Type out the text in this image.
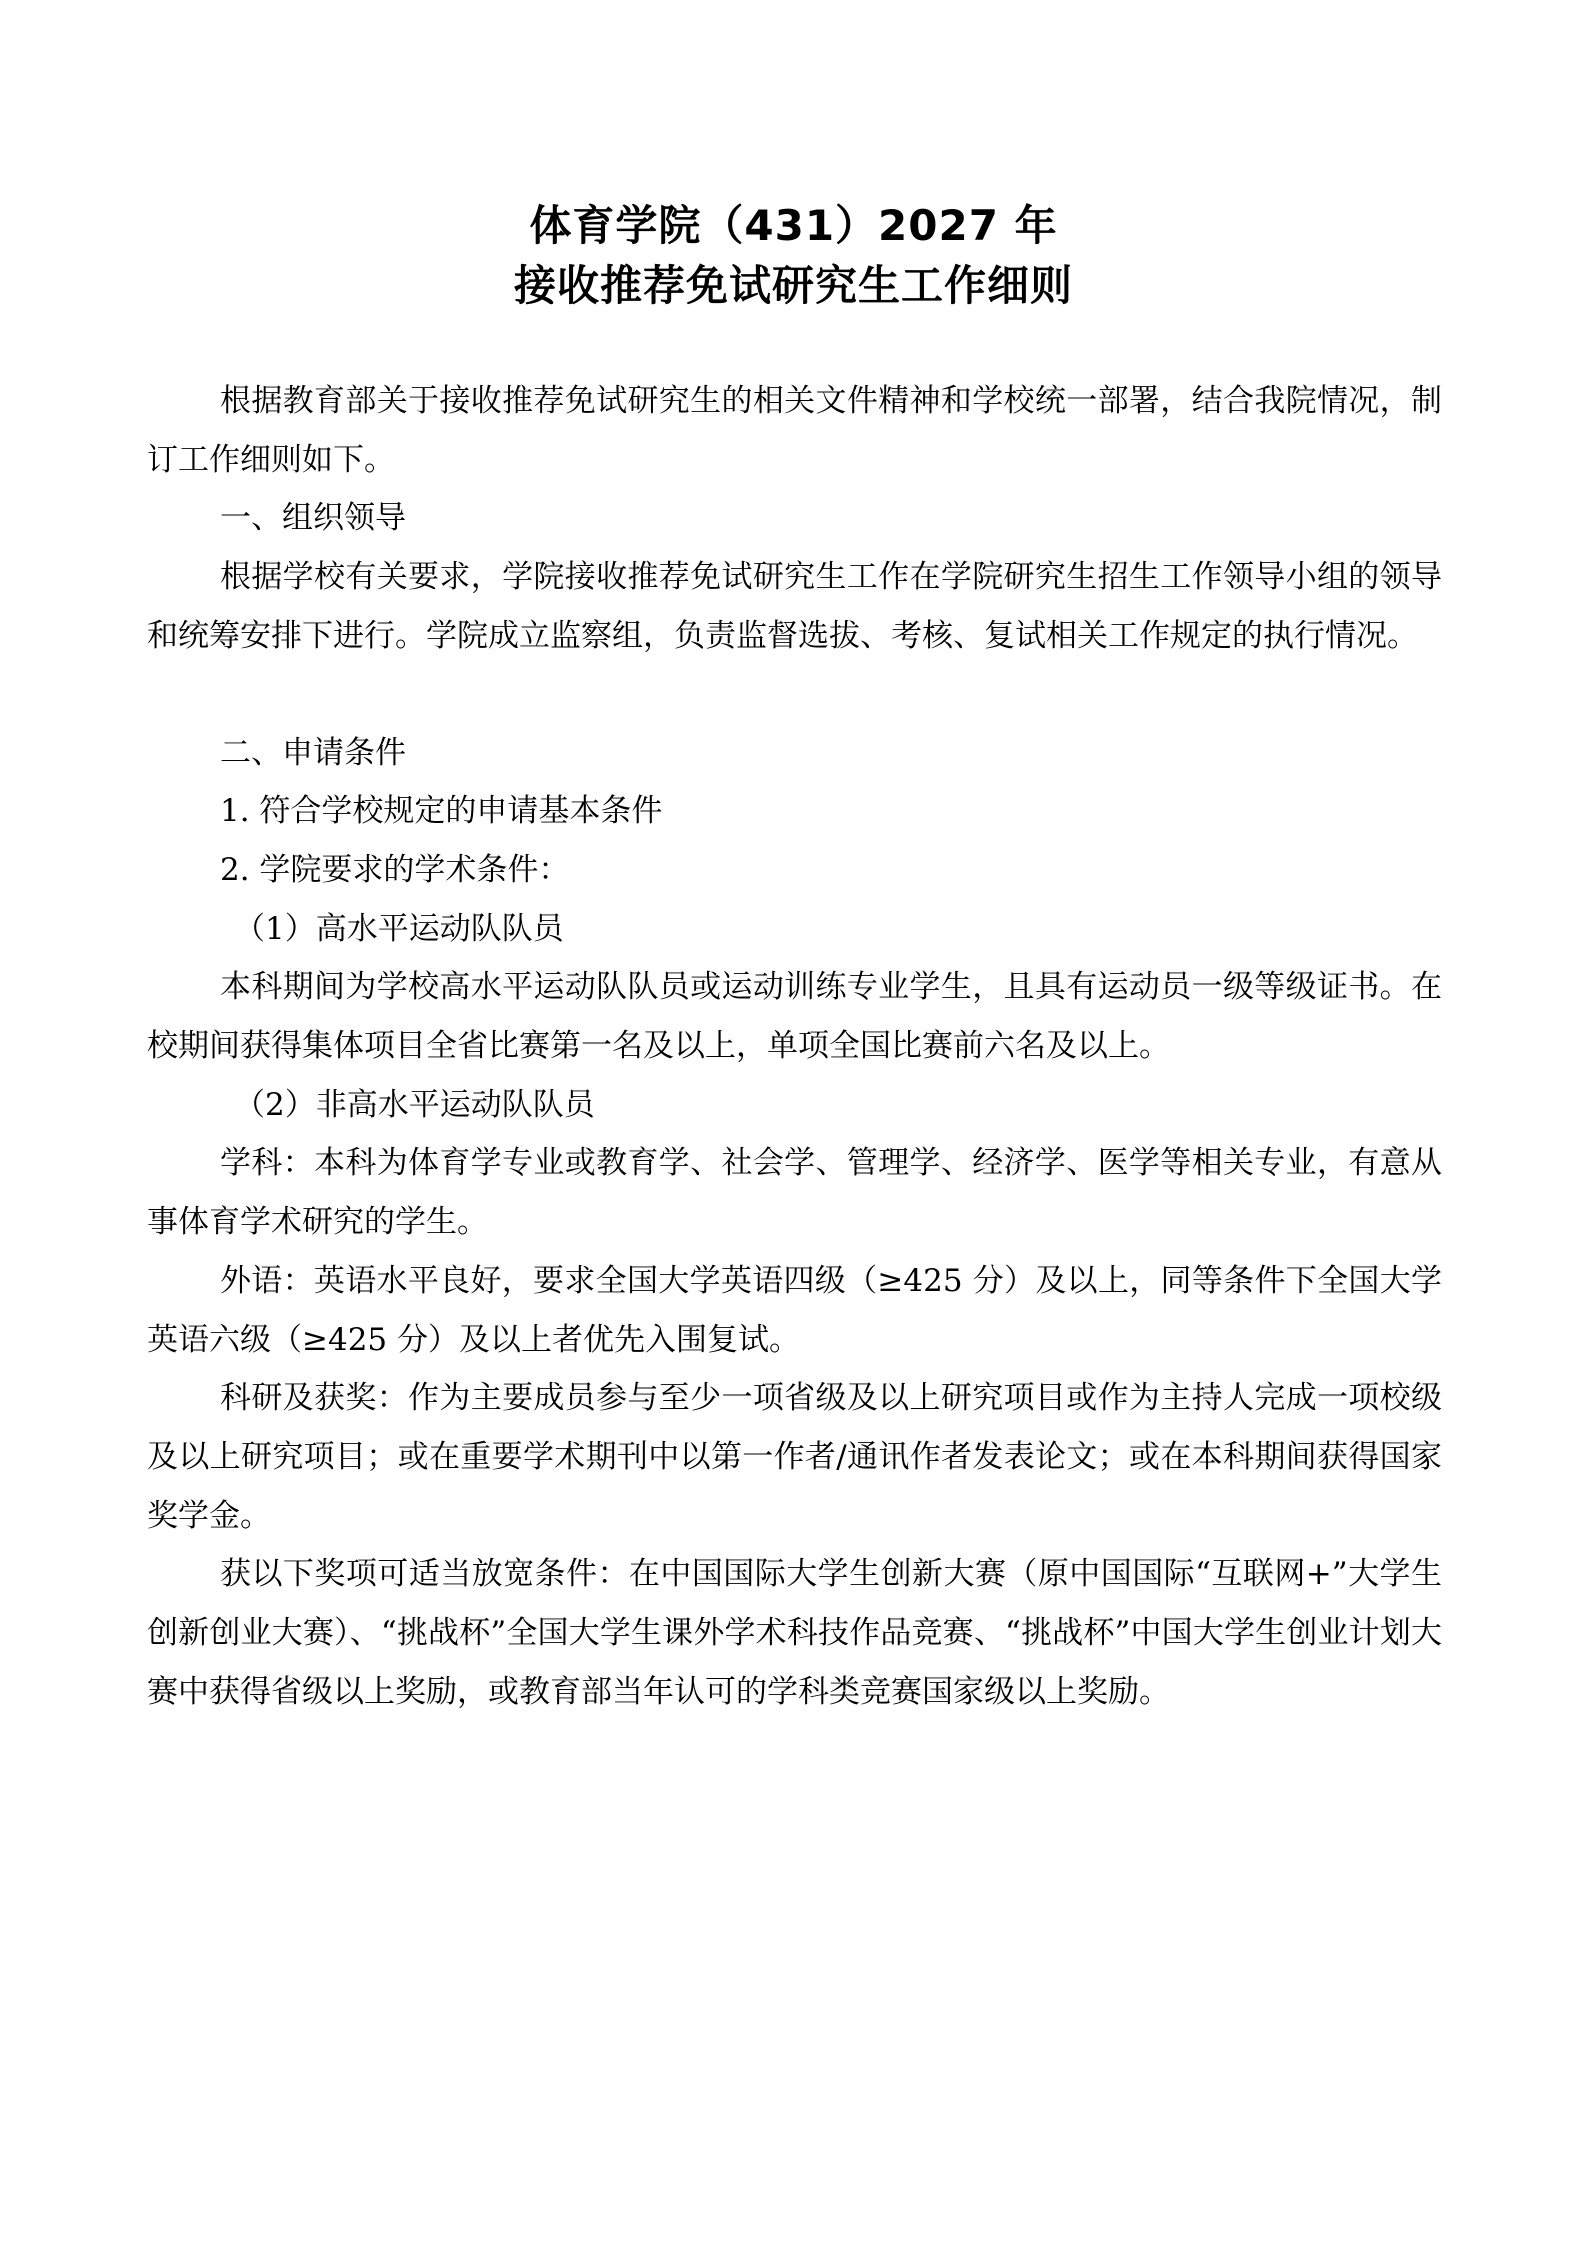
体育学院（431）2027 年
接收推荐免试研究生工作细则

根据教育部关于接收推荐免试研究生的相关文件精神和学校统一部署，结合我院情况，制订工作细则如下。

一、组织领导

根据学校有关要求，学院接收推荐免试研究生工作在学院研究生招生工作领导小组的领导和统筹安排下进行。学院成立监察组，负责监督选拔、考核、复试相关工作规定的执行情况。

二、申请条件

1. 符合学校规定的申请基本条件

2. 学院要求的学术条件：

（1）高水平运动队队员

本科期间为学校高水平运动队队员或运动训练专业学生，且具有运动员一级等级证书。在校期间获得集体项目全省比赛第一名及以上，单项全国比赛前六名及以上。

（2）非高水平运动队队员

学科：本科为体育学专业或教育学、社会学、管理学、经济学、医学等相关专业，有意从事体育学术研究的学生。

外语：英语水平良好，要求全国大学英语四级（≥425 分）及以上，同等条件下全国大学英语六级（≥425 分）及以上者优先入围复试。

科研及获奖：作为主要成员参与至少一项省级及以上研究项目或作为主持人完成一项校级及以上研究项目；或在重要学术期刊中以第一作者/通讯作者发表论文；或在本科期间获得国家奖学金。

获以下奖项可适当放宽条件：在中国国际大学生创新大赛（原中国国际“互联网+”大学生创新创业大赛）、“挑战杯”全国大学生课外学术科技作品竞赛、“挑战杯”中国大学生创业计划大赛中获得省级以上奖励，或教育部当年认可的学科类竞赛国家级以上奖励。
